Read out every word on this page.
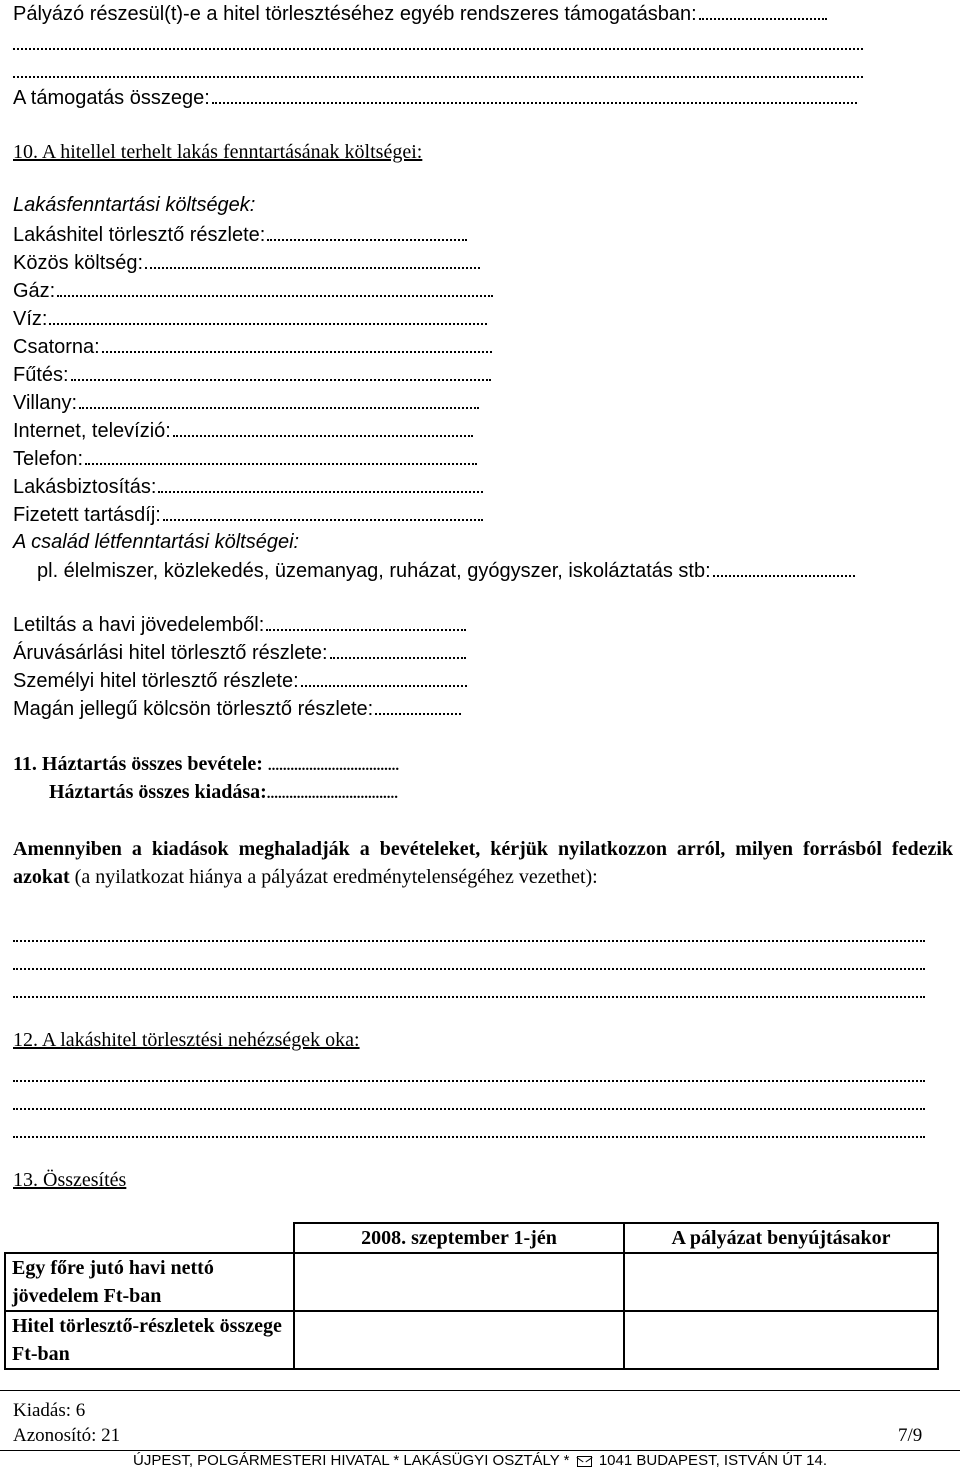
Pályázó részesül(t)-e a hitel törlesztéséhez egyéb rendszeres támogatásban:
A támogatás összege:
10. A hitellel terhelt lakás fenntartásának költségei:
Lakásfenntartási költségek:
Lakáshitel törlesztő részlete:
Közös költség:
Gáz:
Víz:
Csatorna:
Fűtés:
Villany:
Internet, televízió:
Telefon:
Lakásbiztosítás:
Fizetett tartásdíj:
A család létfenntartási költségei:
pl. élelmiszer, közlekedés, üzemanyag, ruházat, gyógyszer, iskoláztatás stb:
Letiltás a havi jövedelemből:
Áruvásárlási hitel törlesztő részlete:
Személyi hitel törlesztő részlete:
Magán jellegű kölcsön törlesztő részlete:
11. Háztartás összes bevétele: ...................................
Háztartás összes kiadása:...................................
Amennyiben a kiadások meghaladják a bevételeket, kérjük nyilatkozzon arról, milyen forrásból fedezik azokat (a nyilatkozat hiánya a pályázat eredménytelenségéhez vezethet):
12. A lakáshitel törlesztési nehézségek oka:
13. Összesítés
	2008. szeptember 1-jén	A pályázat benyújtásakor
Egy főre jutó havi nettó jövedelem Ft-ban		
Hitel törlesztő-részletek összege Ft-ban		
Kiadás: 6
Azonosító: 21	7/9
ÚJPEST, POLGÁRMESTERI HIVATAL * LAKÁSÜGYI OSZTÁLY * 1041 BUDAPEST, ISTVÁN ÚT 14.
